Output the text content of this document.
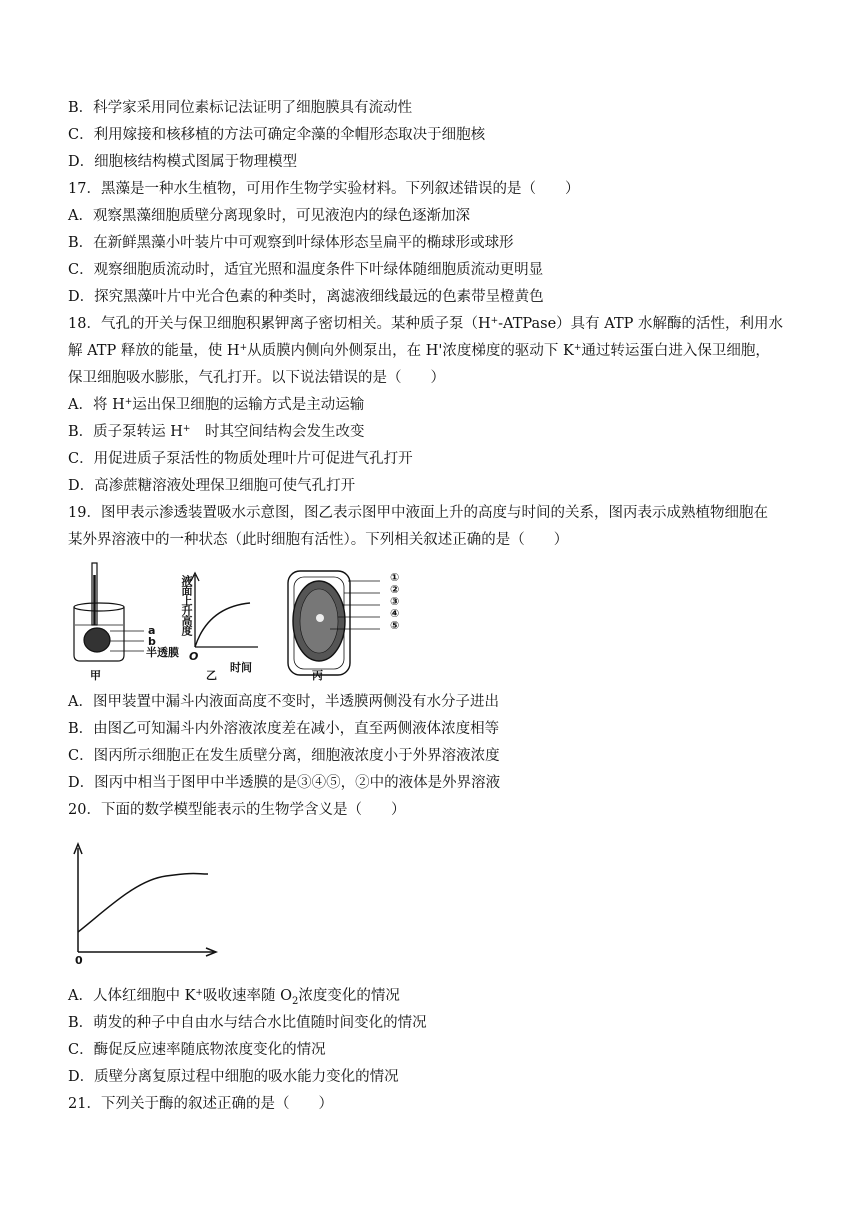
B．科学家采用同位素标记法证明了细胞膜具有流动性
C．利用嫁接和核移植的方法可确定伞藻的伞帽形态取决于细胞核
D．细胞核结构模式图属于物理模型
17．黑藻是一种水生植物，可用作生物学实验材料。下列叙述错误的是（　　）
A．观察黑藻细胞质壁分离现象时，可见液泡内的绿色逐渐加深
B．在新鲜黑藻小叶装片中可观察到叶绿体形态呈扁平的椭球形或球形
C．观察细胞质流动时，适宜光照和温度条件下叶绿体随细胞质流动更明显
D．探究黑藻叶片中光合色素的种类时，离滤液细线最远的色素带呈橙黄色
18．气孔的开关与保卫细胞积累钾离子密切相关。某种质子泵（H+-ATPase）具有 ATP 水解酶的活性，利用水
解 ATP 释放的能量，使 H+从质膜内侧向外侧泵出，在 H'浓度梯度的驱动下 K+通过转运蛋白进入保卫细胞，
保卫细胞吸水膨胀，气孔打开。以下说法错误的是（　　）
A．将 H+运出保卫细胞的运输方式是主动运输
B．质子泵转运 H+　时其空间结构会发生改变
C．用促进质子泵活性的物质处理叶片可促进气孔打开
D．高渗蔗糖溶液处理保卫细胞可使气孔打开
19．图甲表示渗透装置吸水示意图，图乙表示图甲中液面上升的高度与时间的关系，图丙表示成熟植物细胞在
某外界溶液中的一种状态（此时细胞有活性）。下列相关叙述正确的是（　　）
a
b
半透膜
甲
液面上升高度
O
时间
乙	丙
①
②
③
④
⑤
A．图甲装置中漏斗内液面高度不变时，半透膜两侧没有水分子进出
B．由图乙可知漏斗内外溶液浓度差在减小，直至两侧液体浓度相等
C．图丙所示细胞正在发生质壁分离，细胞液浓度小于外界溶液浓度
D．图丙中相当于图甲中半透膜的是③④⑤，②中的液体是外界溶液
20．下面的数学模型能表示的生物学含义是（　　）
0
A．人体红细胞中 K+吸收速率随 $O_2$浓度变化的情况
B．萌发的种子中自由水与结合水比值随时间变化的情况
C．酶促反应速率随底物浓度变化的情况
D．质壁分离复原过程中细胞的吸水能力变化的情况
21．下列关于酶的叙述正确的是（　　）
